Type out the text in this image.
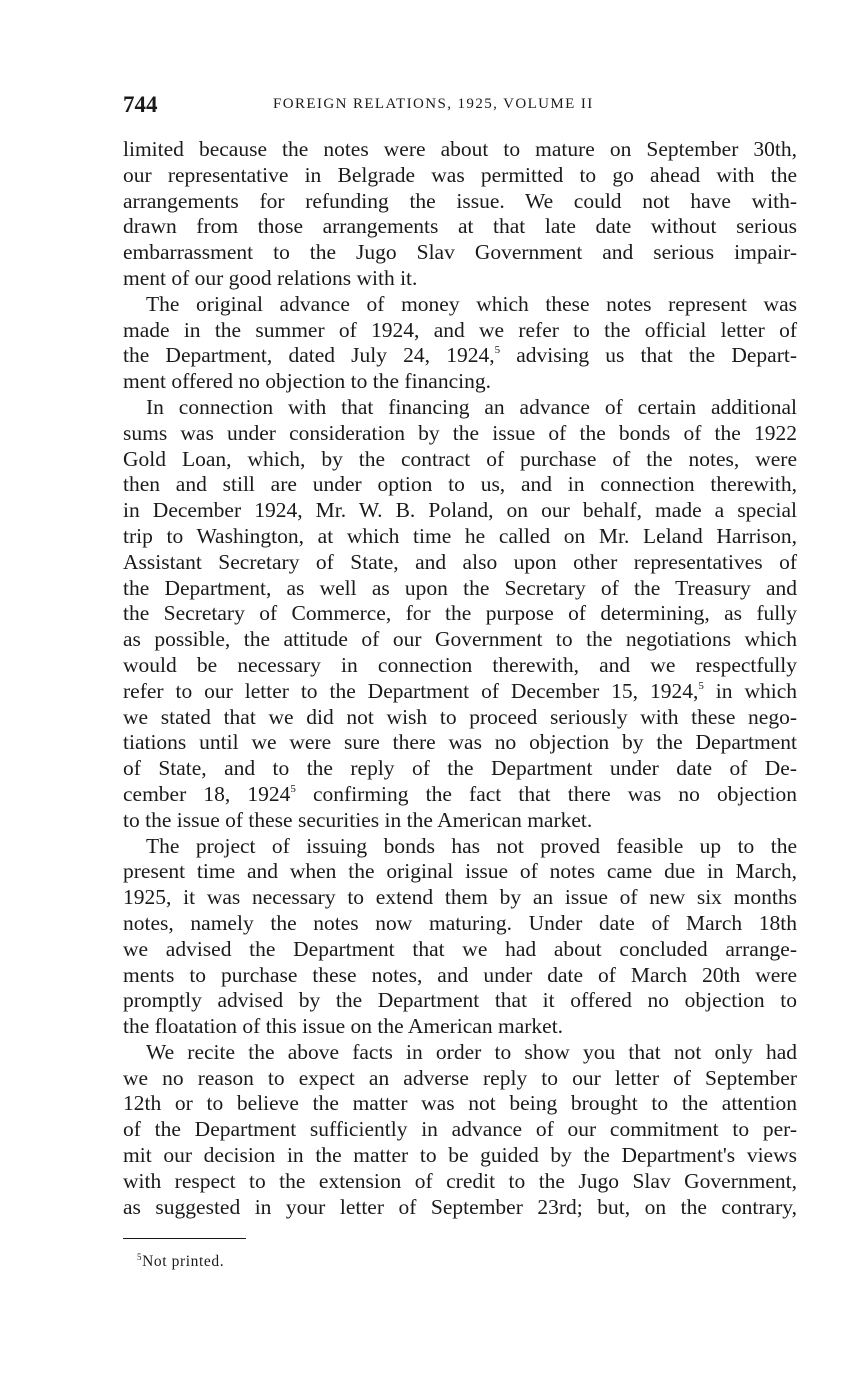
744	FOREIGN RELATIONS, 1925, VOLUME II
limited because the notes were about to mature on September 30th,
our representative in Belgrade was permitted to go ahead with the
arrangements for refunding the issue. We could not have with-
drawn from those arrangements at that late date without serious
embarrassment to the Jugo Slav Government and serious impair-
ment of our good relations with it.
The original advance of money which these notes represent was
made in the summer of 1924, and we refer to the official letter of
the Department, dated July 24, 1924,$^5$ advising us that the Depart-
ment offered no objection to the financing.
In connection with that financing an advance of certain additional
sums was under consideration by the issue of the bonds of the 1922
Gold Loan, which, by the contract of purchase of the notes, were
then and still are under option to us, and in connection therewith,
in December 1924, Mr. W. B. Poland, on our behalf, made a special
trip to Washington, at which time he called on Mr. Leland Harrison,
Assistant Secretary of State, and also upon other representatives of
the Department, as well as upon the Secretary of the Treasury and
the Secretary of Commerce, for the purpose of determining, as fully
as possible, the attitude of our Government to the negotiations which
would be necessary in connection therewith, and we respectfully
refer to our letter to the Department of December 15, 1924,$^5$ in which
we stated that we did not wish to proceed seriously with these nego-
tiations until we were sure there was no objection by the Department
of State, and to the reply of the Department under date of De-
cember 18, 1924$^5$ confirming the fact that there was no objection
to the issue of these securities in the American market.
The project of issuing bonds has not proved feasible up to the
present time and when the original issue of notes came due in March,
1925, it was necessary to extend them by an issue of new six months
notes, namely the notes now maturing. Under date of March 18th
we advised the Department that we had about concluded arrange-
ments to purchase these notes, and under date of March 20th were
promptly advised by the Department that it offered no objection to
the floatation of this issue on the American market.
We recite the above facts in order to show you that not only had
we no reason to expect an adverse reply to our letter of September
12th or to believe the matter was not being brought to the attention
of the Department sufficiently in advance of our commitment to per-
mit our decision in the matter to be guided by the Department's views
with respect to the extension of credit to the Jugo Slav Government,
as suggested in your letter of September 23rd; but, on the contrary,
$^5$Not printed.
